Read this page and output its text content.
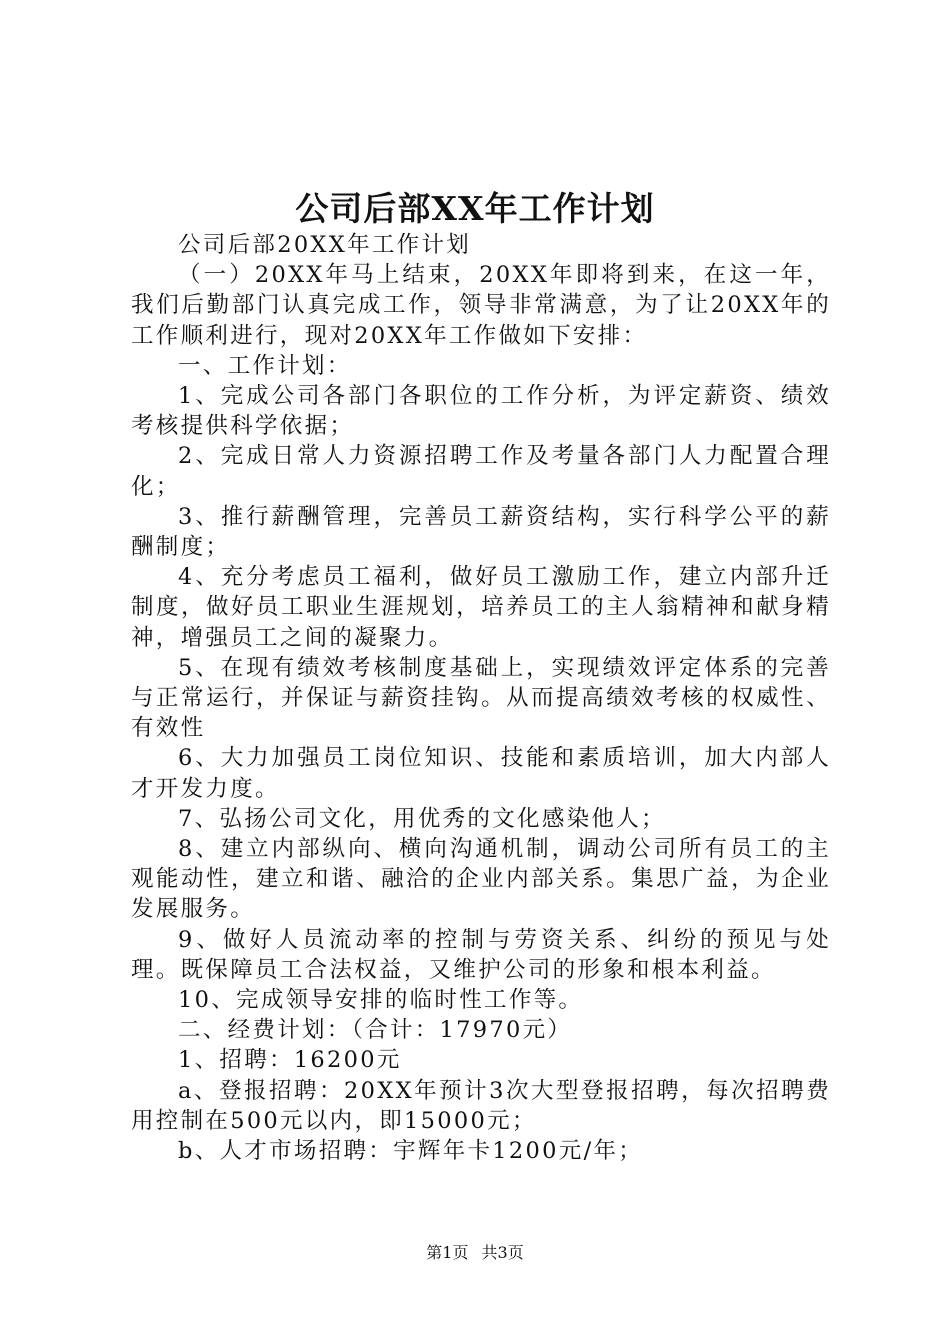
公司后部XX年工作计划

公司后部20XX年工作计划

（一）20XX年马上结束，20XX年即将到来，在这一年，我们后勤部门认真完成工作，领导非常满意，为了让20XX年的工作顺利进行，现对20XX年工作做如下安排：

一、工作计划：

1、完成公司各部门各职位的工作分析，为评定薪资、绩效考核提供科学依据；

2、完成日常人力资源招聘工作及考量各部门人力配置合理化；

3、推行薪酬管理，完善员工薪资结构，实行科学公平的薪酬制度；

4、充分考虑员工福利，做好员工激励工作，建立内部升迁制度，做好员工职业生涯规划，培养员工的主人翁精神和献身精神，增强员工之间的凝聚力。

5、在现有绩效考核制度基础上，实现绩效评定体系的完善与正常运行，并保证与薪资挂钩。从而提高绩效考核的权威性、有效性

6、大力加强员工岗位知识、技能和素质培训，加大内部人才开发力度。

7、弘扬公司文化，用优秀的文化感染他人；

8、建立内部纵向、横向沟通机制，调动公司所有员工的主观能动性，建立和谐、融洽的企业内部关系。集思广益，为企业发展服务。

9、做好人员流动率的控制与劳资关系、纠纷的预见与处理。既保障员工合法权益，又维护公司的形象和根本利益。

10、完成领导安排的临时性工作等。

二、经费计划：（合计：17970元）

1、招聘：16200元

a、登报招聘：20XX年预计3次大型登报招聘，每次招聘费用控制在500元以内，即15000元；

b、人才市场招聘：宇辉年卡1200元/年；

第1页 共3页
